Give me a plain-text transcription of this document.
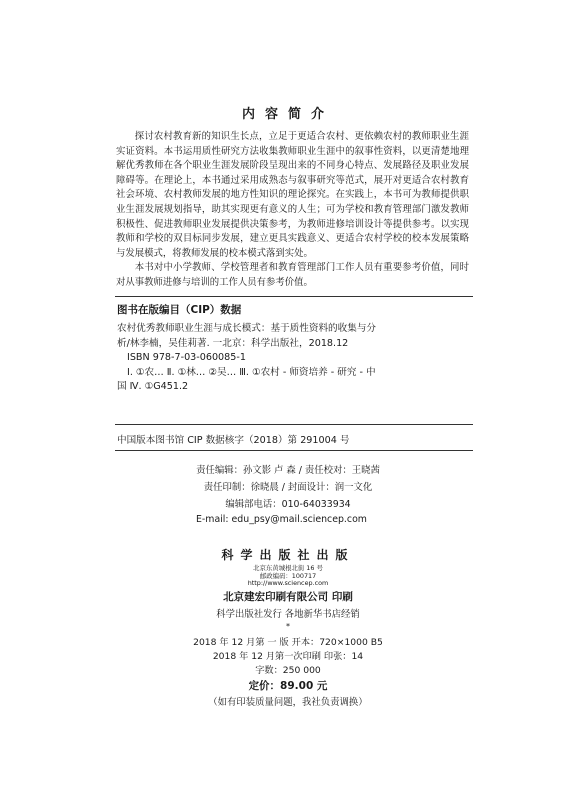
内容简介

探讨农村教育新的知识生长点，立足于更适合农村、更依赖农村的教师职业生涯实证资料。本书运用质性研究方法收集教师职业生涯中的叙事性资料，以更清楚地理解优秀教师在各个职业生涯发展阶段呈现出来的不同身心特点、发展路径及职业发展障碍等。在理论上，本书通过采用成熟态与叙事研究等范式，展开对更适合农村教育社会环境、农村教师发展的地方性知识的理论探究。在实践上，本书可为教师提供职业生涯发展规划指导，助其实现更有意义的人生；可为学校和教育管理部门激发教师积极性、促进教师职业发展提供决策参考，为教师进修培训设计等提供参考。以实现教师和学校的双目标同步发展，建立更具实践意义、更适合农村学校的校本发展策略与发展模式，将教师发展的校本模式落到实处。

本书对中小学教师、学校管理者和教育管理部门工作人员有重要参考价值，同时对从事教师进修与培训的工作人员有参考价值。

图书在版编目（CIP）数据
农村优秀教师职业生涯与成长模式：基于质性资料的收集与分
析/林李楠，吴佳莉著. 一北京：科学出版社，2018.12
ISBN 978-7-03-060085-1
Ⅰ. ①农… Ⅱ. ①林… ②吴… Ⅲ. ①农村 - 师资培养 - 研究 - 中
国 Ⅳ. ①G451.2
中国版本图书馆 CIP 数据核字（2018）第 291004 号
责任编辑：孙文影 卢 森 / 责任校对：王晓茜
责任印制：徐晓晨 / 封面设计：润一文化
编辑部电话：010-64033934
E-mail: edu_psy@mail.sciencep.com
科学出版社出版
北京东黄城根北街 16 号
邮政编码：100717
http://www.sciencep.com
北京建宏印刷有限公司 印刷
科学出版社发行 各地新华书店经销
*
2018 年 12 月第 一 版 开本：720×1000 B5
2018 年 12 月第一次印刷 印张：14
字数：250 000
定价：89.00 元
（如有印装质量问题，我社负责调换）
